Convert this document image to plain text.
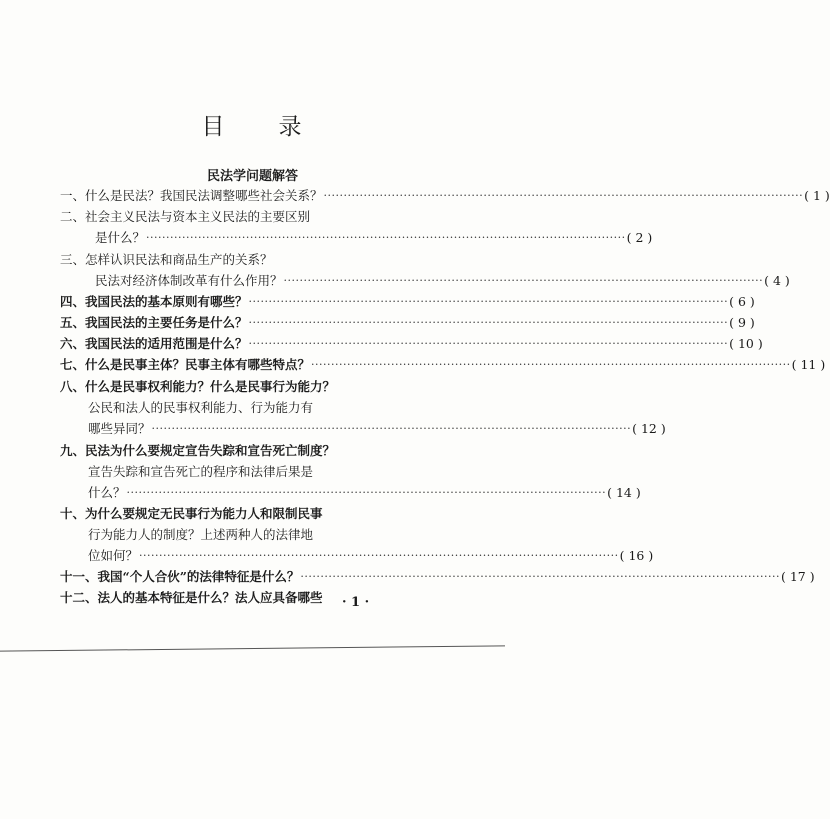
目 录
民法学问题解答
一、什么是民法？我国民法调整哪些社会关系？ ························································································································ ( 1 )
二、社会主义民法与资本主义民法的主要区别
是什么？ ························································································································ ( 2 )
三、怎样认识民法和商品生产的关系？
民法对经济体制改革有什么作用？ ························································································································ ( 4 )
四、我国民法的基本原则有哪些？ ························································································································ ( 6 )
五、我国民法的主要任务是什么？ ························································································································ ( 9 )
六、我国民法的适用范围是什么？ ························································································································ ( 10 )
七、什么是民事主体？民事主体有哪些特点？ ························································································································ ( 11 )
八、什么是民事权利能力？什么是民事行为能力？
公民和法人的民事权利能力、行为能力有
哪些异同？ ························································································································ ( 12 )
九、民法为什么要规定宣告失踪和宣告死亡制度？
宣告失踪和宣告死亡的程序和法律后果是
什么？ ························································································································ ( 14 )
十、为什么要规定无民事行为能力人和限制民事
行为能力人的制度？上述两种人的法律地
位如何？ ························································································································ ( 16 )
十一、我国“个人合伙”的法律特征是什么？ ························································································································ ( 17 )
十二、法人的基本特征是什么？法人应具备哪些 · 1 ·
